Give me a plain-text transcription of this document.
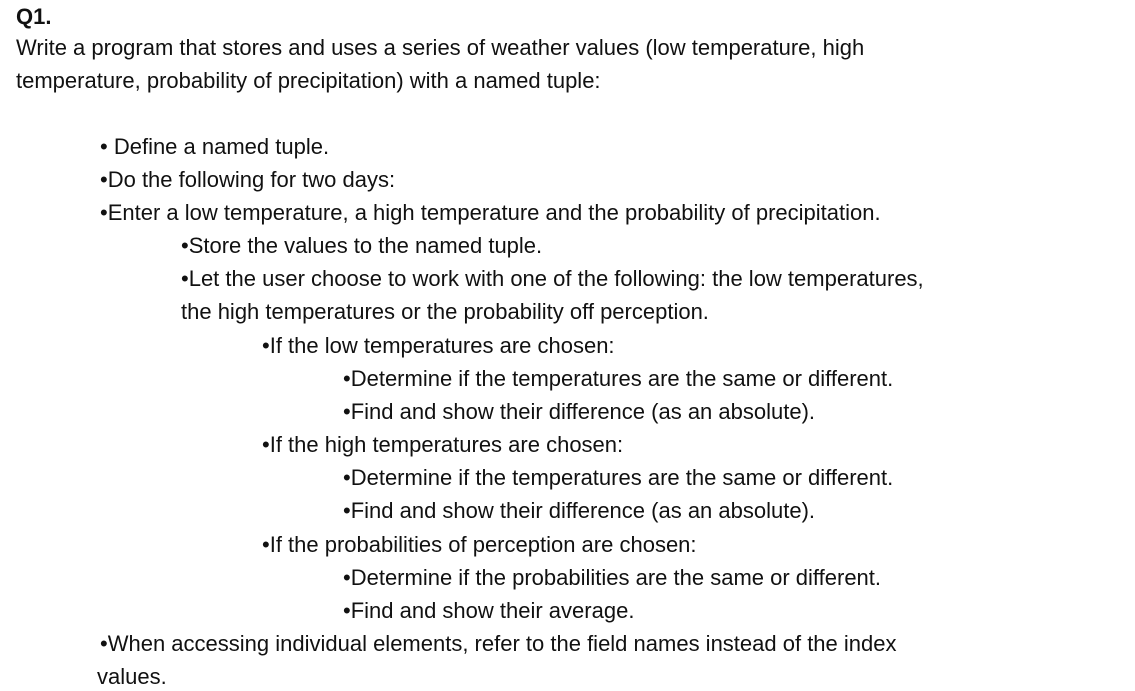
Q1.
Write a program that stores and uses a series of weather values (low temperature, high
temperature, probability of precipitation) with a named tuple:
• Define a named tuple.
•Do the following for two days:
•Enter a low temperature, a high temperature and the probability of precipitation.
•Store the values to the named tuple.
•Let the user choose to work with one of the following: the low temperatures,
the high temperatures or the probability off perception.
•If the low temperatures are chosen:
•Determine if the temperatures are the same or different.
•Find and show their difference (as an absolute).
•If the high temperatures are chosen:
•Determine if the temperatures are the same or different.
•Find and show their difference (as an absolute).
•If the probabilities of perception are chosen:
•Determine if the probabilities are the same or different.
•Find and show their average.
•When accessing individual elements, refer to the field names instead of the index
values.
